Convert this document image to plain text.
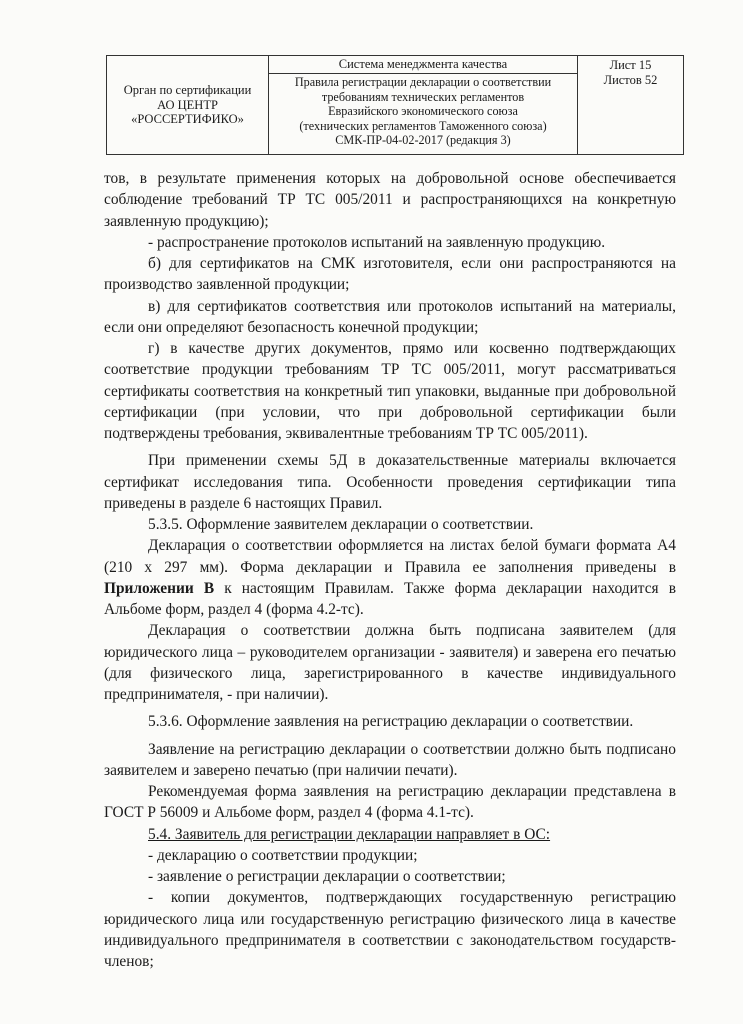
Орган по сертификации
АО ЦЕНТР
«РОССЕРТИФИКО»
Система менеджмента качества
Правила регистрации декларации о соответствии
требованиям технических регламентов
Евразийского экономического союза
(технических регламентов Таможенного союза)
СМК-ПР-04-02-2017 (редакция 3)
Лист 15
Листов 52

тов, в результате применения которых на добровольной основе обеспечивается соблюдение требований ТР ТС 005/2011 и распространяющихся на конкретную заявленную продукцию);

- распространение протоколов испытаний на заявленную продукцию.

б) для сертификатов на СМК изготовителя, если они распространяются на производство заявленной продукции;

в) для сертификатов соответствия или протоколов испытаний на материалы, если они определяют безопасность конечной продукции;

г) в качестве других документов, прямо или косвенно подтверждающих соответствие продукции требованиям ТР ТС 005/2011, могут рассматриваться сертификаты соответствия на конкретный тип упаковки, выданные при добровольной сертификации (при условии, что при добровольной сертификации были подтверждены требования, эквивалентные требованиям ТР ТС 005/2011).

При применении схемы 5Д в доказательственные материалы включается сертификат исследования типа. Особенности проведения сертификации типа приведены в разделе 6 настоящих Правил.

5.3.5. Оформление заявителем декларации о соответствии.

Декларация о соответствии оформляется на листах белой бумаги формата А4 (210 х 297 мм). Форма декларации и Правила ее заполнения приведены в Приложении В к настоящим Правилам. Также форма декларации находится в Альбоме форм, раздел 4 (форма 4.2-тс).

Декларация о соответствии должна быть подписана заявителем (для юридического лица – руководителем организации - заявителя) и заверена его печатью (для физического лица, зарегистрированного в качестве индивидуального предпринимателя, - при наличии).

5.3.6. Оформление заявления на регистрацию декларации о соответствии.

Заявление на регистрацию декларации о соответствии должно быть подписано заявителем и заверено печатью (при наличии печати).

Рекомендуемая форма заявления на регистрацию декларации представлена в ГОСТ Р 56009 и Альбоме форм, раздел 4 (форма 4.1-тс).

5.4. Заявитель для регистрации декларации направляет в ОС:

- декларацию о соответствии продукции;

- заявление о регистрации декларации о соответствии;

- копии документов, подтверждающих государственную регистрацию юридического лица или государственную регистрацию физического лица в качестве индивидуального предпринимателя в соответствии с законодательством государств-членов;
